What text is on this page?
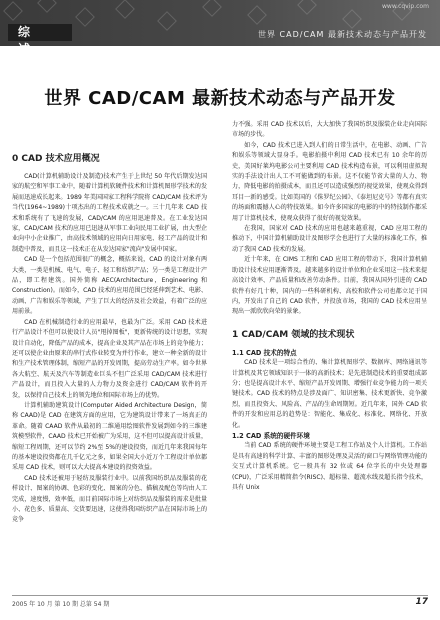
综 述
世界 CAD/CAM 最新技术动态与产品开发
www.cqvip.com
世界 CAD/CAM 最新技术动态与产品开发
0 CAD 技术应用概况

CAD(计算机辅助设计及制造)技术产生于上世纪 50 年代后期发达国家的航空和军事工业中，随着计算机软硬件技术和计算机图形学技术的发展而迅速成长起来。1989 年美国国家工程科学院将 CAD/CAM 技术评为当代(1964~1989)十项杰出的工程技术成就之一。三十几年来 CAD 技术和系统有了飞速的发展，CAD/CAM 的应用迅速普及。在工业发达国家，CAD/CAM 技术的应用已迅速从军事工业向民用工业扩展，由大型企业向中小企业推广，由高技术领域的应用向日用家电、轻工产品的设计和制造中普及，而且这一技术正在从发达国家"流向"发展中国家。

CAD 是一个包括范围很广的概念，概括来说，CAD 的设计对象有两大类，一类是机械、电气、电子、轻工和纺织产品；另一类是工程设计产品，即工程建筑。国外简称 AEC(Architecture，Engineering 和 Construction)。而如今，CAD 技术的应用范围已经延伸到艺术、电影、动画、广告和娱乐等领域，产生了巨大的经济及社会效益，有着广泛的应用前景。

CAD 在机械制造行业的应用最早，也最为广泛。采用 CAD 技术进行产品设计不但可以使设计人员"甩掉图板"，更新传统的设计思想，实现设计自动化，降低产品的成本，提高企业及其产品在市场上的竞争能力；还可以使企业由原来的串行式作业转变为并行作业，建立一种全新的设计和生产技术管理体制，缩短产品的开发周期，提高劳动生产率。如今世界各大航空、航天及汽车等制造业巨头不但广泛采用 CAD/CAM 技术进行产品设计，而且投入大量的人力物力及资金进行 CAD/CAM 软件的开发，以保持自己技术上的领先地位和国际市场上的优势。

计算机辅助建筑设计(Computer Aided Architecture Design，简称 CAAD)是 CAD 在建筑方面的应用，它为建筑设计带来了一场真正的革命。随着 CAAD 软件从最初的二维通用绘图软件发展到如今的三维建筑模型软件，CAAD 技术已开始被广为采用，这不但可以提高设计质量，缩短工程周期，还可以节约 2%至 5%的建设投资，而近几年来我国每年的基本建设投资都在几千亿元之多，如果全国大小近万个工程设计单位都采用 CAD 技术，则可以大大提高本建设的投资效益。

CAD 技术还被用于轻纺及服装行业中。以前我国纺织品及服装的花样设计、图案的协调、色彩的变化、图案的分色、描稿及配色等均由人工完成，速度慢，效率低，而目前国际市场上对纺织品及服装的需求是批量小、花色多、质量高、交货要迅速，这使得我国纺织产品在国际市场上的竞争

力不强。采用 CAD 技术以后，大大加快了我国纺织及服装企业走向国际市场的步伐。

如今，CAD 技术已进入到人们的日常生活中，在电影、动画、广告和娱乐等领域大显身手。电影拍摄中利用 CAD 技术已有 10 余年的历史，美国好莱坞电影公司主要利用 CAD 技术构造布景，可以利用虚拟现实的手法设计出人工不可能做到的布景。这不仅能节省大量的人力、物力，降低电影的拍摄成本，而且还可以造成强烈的视觉效果，使观众得到耳目一新的感受。比如美国的《侏罗纪公园》、《泰坦尼克号》等都有真实的场面和震撼人心的特技效果。如今许多国家的电影的中的特技制作都采用了计算机技术，使观众获得了很好的视觉效果。

在我国，国家对 CAD 技术的应用也越来越重视，CAD 应用工程的推动下，中国计算机辅助设计及图形学会也进行了大量的标准化工作，推动了我国 CAD 技术的发展。

近十年来，在 CIMS 工程和 CAD 应用工程的带动下，我国计算机辅助设计技术应用逐渐普及。越来越多的设计单位和企业采用这一技术来提高设计效率、产品质量和改善劳动条件。目前，我国从国外引进的 CAD 软件有好几十种，国内的一些科研机构、高校和软件公司也都立足于国内，开发出了自己的 CAD 软件，并投放市场，我国的 CAD 技术应用呈现出一派欣欣向荣的景象。

1 CAD/CAM 领域的技术现状
1.1 CAD 技术的特点

CAD 技术是一项综合性的、集计算机图形学、数据库、网络通讯等计算机及其它领域知识于一体的高新技术；是先进制造技术的重要组成部分；也是提高设计水平、缩短产品开发周期、增强行业竞争能力的一项关键技术。CAD 技术的特点是涉及面广、知识密集、技术更新快、竞争激烈，而且投资大、风险高、产品的生命周期短。近几年来，国外 CAD 软件的开发和应用总的趋势是：智能化、集成化、标准化、网络化、开放化。

1.2 CAD 系统的硬件环境

当前 CAD 系统的硬件环境主要是工程工作站及个人计算机。工作站是具有高速的科学计算、丰富的图形处理及灵活的窗口与网络管理功能的交互式计算机系统。它一般具有 32 位或 64 位字长的中央处理器(CPU)，广泛采用精简指令(RISC)、超标量、超流水线及超长指令技术，具有 Unix

2005 年 10 月 第 10 期 总第 54 期	17
